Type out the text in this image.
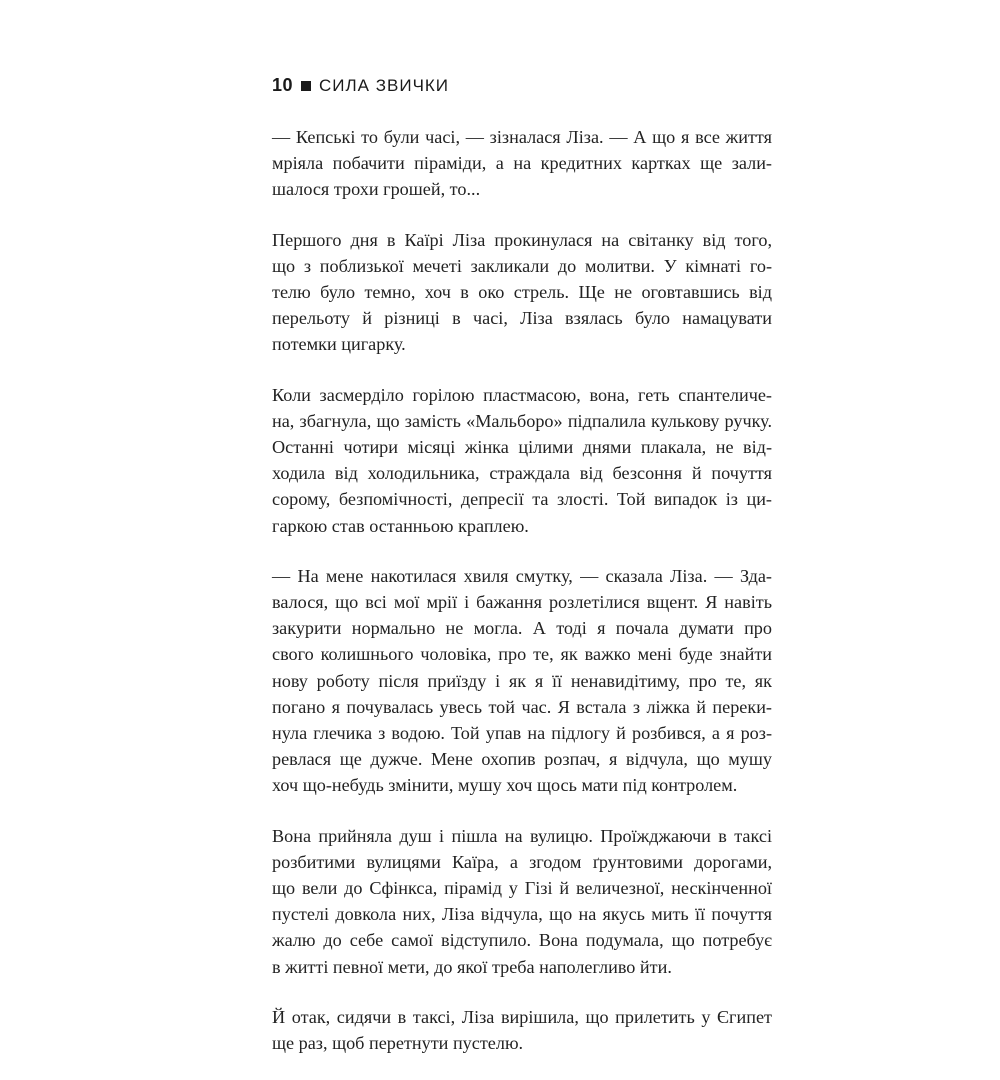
10 СИЛА ЗВИЧКИ
— Кепські то були часі, — зізналася Ліза. — А що я все життя
мріяла побачити піраміди, а на кредитних картках ще зали-
шалося трохи грошей, то...
Першого дня в Каїрі Ліза прокинулася на світанку від того,
що з поблизької мечеті закликали до молитви. У кімнаті го-
телю було темно, хоч в око стрель. Ще не оговтавшись від
перельоту й різниці в часі, Ліза взялась було намацувати
потемки цигарку.
Коли засмерділо горілою пластмасою, вона, геть спантеличе-
на, збагнула, що замість «Мальборо» підпалила кулькову ручку.
Останні чотири місяці жінка цілими днями плакала, не від-
ходила від холодильника, страждала від безсоння й почуття
сорому, безпомічності, депресії та злості. Той випадок із ци-
гаркою став останньою краплею.
— На мене накотилася хвиля смутку, — сказала Ліза. — Зда-
валося, що всі мої мрії і бажання розлетілися вщент. Я навіть
закурити нормально не могла. А тоді я почала думати про
свого колишнього чоловіка, про те, як важко мені буде знайти
нову роботу після приїзду і як я її ненавидітиму, про те, як
погано я почувалась увесь той час. Я встала з ліжка й переки-
нула глечика з водою. Той упав на підлогу й розбився, а я роз-
ревлася ще дужче. Мене охопив розпач, я відчула, що мушу
хоч що-небудь змінити, мушу хоч щось мати під контролем.
Вона прийняла душ і пішла на вулицю. Проїжджаючи в таксі
розбитими вулицями Каїра, а згодом ґрунтовими дорогами,
що вели до Сфінкса, пірамід у Гізі й величезної, нескінченної
пустелі довкола них, Ліза відчула, що на якусь мить її почуття
жалю до себе самої відступило. Вона подумала, що потребує
в житті певної мети, до якої треба наполегливо йти.
Й отак, сидячи в таксі, Ліза вирішила, що прилетить у Єгипет
ще раз, щоб перетнути пустелю.
